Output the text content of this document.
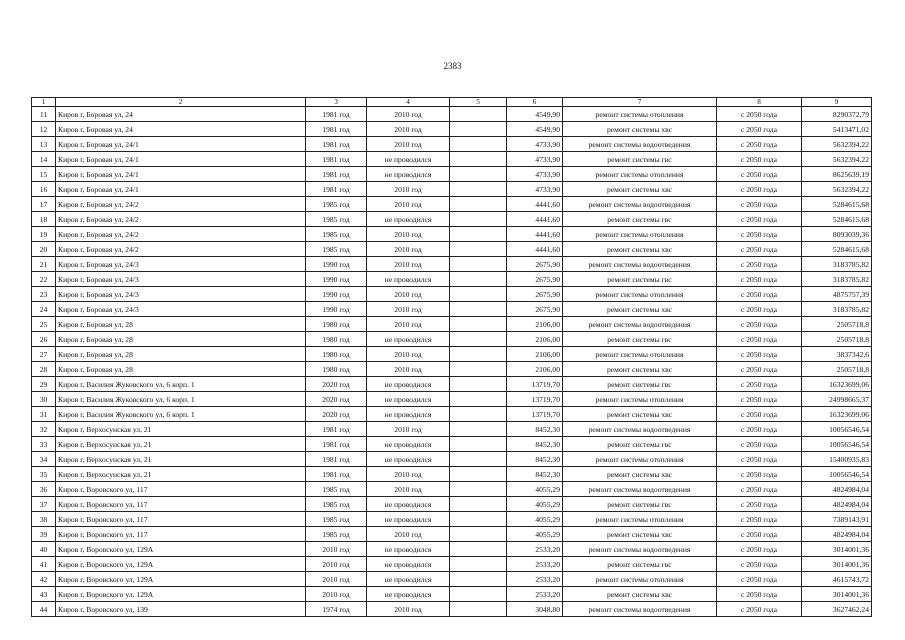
2383
1	2	3	4	5	6	7	8	9
11	Киров г, Боровая ул, 24	1981 год	2010 год		4549,90	ремонт системы отопления	с 2050 года	8290372,79
12	Киров г, Боровая ул, 24	1981 год	2010 год		4549,90	ремонт системы хвс	с 2050 года	5413471,02
13	Киров г, Боровая ул, 24/1	1981 год	2010 год		4733,90	ремонт системы водоотведения	с 2050 года	5632394,22
14	Киров г, Боровая ул, 24/1	1981 год	не проводился		4733,90	ремонт системы гвс	с 2050 года	5632394,22
15	Киров г, Боровая ул, 24/1	1981 год	не проводился		4733,90	ремонт системы отопления	с 2050 года	8625639,19
16	Киров г, Боровая ул, 24/1	1981 год	2010 год		4733,90	ремонт системы хвс	с 2050 года	5632394,22
17	Киров г, Боровая ул, 24/2	1985 год	2010 год		4441,60	ремонт системы водоотведения	с 2050 года	5284615,68
18	Киров г, Боровая ул, 24/2	1985 год	не проводился		4441,60	ремонт системы гвс	с 2050 года	5284615,68
19	Киров г, Боровая ул, 24/2	1985 год	2010 год		4441,60	ремонт системы отопления	с 2050 года	8093039,36
20	Киров г, Боровая ул, 24/2	1985 год	2010 год		4441,60	ремонт системы хвс	с 2050 года	5284615,68
21	Киров г, Боровая ул, 24/3	1990 год	2010 год		2675,90	ремонт системы водоотведения	с 2050 года	3183785,82
22	Киров г, Боровая ул, 24/3	1990 год	не проводился		2675,90	ремонт системы гвс	с 2050 года	3183785,82
23	Киров г, Боровая ул, 24/3	1990 год	2010 год		2675,90	ремонт системы отопления	с 2050 года	4875757,39
24	Киров г, Боровая ул, 24/3	1990 год	2010 год		2675,90	ремонт системы хвс	с 2050 года	3183785,82
25	Киров г, Боровая ул, 28	1980 год	2010 год		2106,00	ремонт системы водоотведения	с 2050 года	2505718,8
26	Киров г, Боровая ул, 28	1980 год	не проводился		2106,00	ремонт системы гвс	с 2050 года	2505718,8
27	Киров г, Боровая ул, 28	1980 год	2010 год		2106,00	ремонт системы отопления	с 2050 года	3837342,6
28	Киров г, Боровая ул, 28	1980 год	2010 год		2106,00	ремонт системы хвс	с 2050 года	2505718,8
29	Киров г, Василия Жуковского ул, 6 корп. 1	2020 год	не проводился		13719,70	ремонт системы гвс	с 2050 года	16323699,06
30	Киров г, Василия Жуковского ул, 6 корп. 1	2020 год	не проводился		13719,70	ремонт системы отопления	с 2050 года	24998665,37
31	Киров г, Василия Жуковского ул, 6 корп. 1	2020 год	не проводился		13719,70	ремонт системы хвс	с 2050 года	16323699,06
32	Киров г, Верхосунская ул, 21	1981 год	2010 год		8452,30	ремонт системы водоотведения	с 2050 года	10056546,54
33	Киров г, Верхосунская ул, 21	1981 год	не проводился		8452,30	ремонт системы гвс	с 2050 года	10056546,54
34	Киров г, Верхосунская ул, 21	1981 год	не проводился		8452,30	ремонт системы отопления	с 2050 года	15400935,83
35	Киров г, Верхосунская ул, 21	1981 год	2010 год		8452,30	ремонт системы хвс	с 2050 года	10056546,54
36	Киров г, Воровского ул, 117	1985 год	2010 год		4055,29	ремонт системы водоотведения	с 2050 года	4824984,04
37	Киров г, Воровского ул, 117	1985 год	не проводился		4055,29	ремонт системы гвс	с 2050 года	4824984,04
38	Киров г, Воровского ул, 117	1985 год	не проводился		4055,29	ремонт системы отопления	с 2050 года	7389143,91
39	Киров г, Воровского ул, 117	1985 год	2010 год		4055,29	ремонт системы хвс	с 2050 года	4824984,04
40	Киров г, Воровского ул, 129А	2010 год	не проводился		2533,20	ремонт системы водоотведения	с 2050 года	3014001,36
41	Киров г, Воровского ул, 129А	2010 год	не проводился		2533,20	ремонт системы гвс	с 2050 года	3014001,36
42	Киров г, Воровского ул, 129А	2010 год	не проводился		2533,20	ремонт системы отопления	с 2050 года	4615743,72
43	Киров г, Воровского ул, 129А	2010 год	не проводился		2533,20	ремонт системы хвс	с 2050 года	3014001,36
44	Киров г, Воровского ул, 139	1974 год	2010 год		3048,80	ремонт системы водоотведения	с 2050 года	3627462,24
